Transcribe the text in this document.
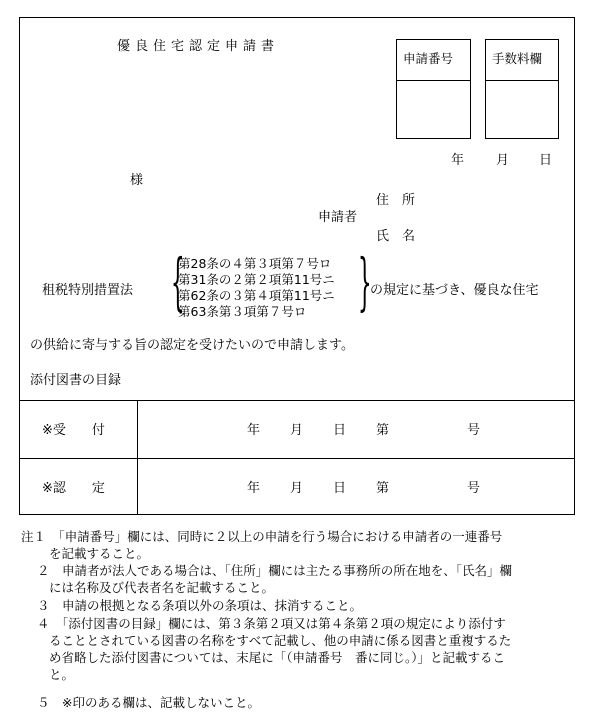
優良住宅認定申請書
申請番号	手数料欄
年 月 日
様
住　所
申請者
氏　名
租税特別措置法 {
第28条の４第３項第７号ロ
第31条の２第２項第11号ニ
第62条の３第４項第11号ニ
第63条第３項第７号ロ }
の規定に基づき、優良な住宅
の供給に寄与する旨の認定を受けたいので申請します。
添付図書の目録
※受　　付	年 月 日 第	号
※認　　定	年 月 日 第	号
注１　「申請番号」欄には、同時に２以上の申請を行う場合における申請者の一連番号
を記載すること。
２　申請者が法人である場合は、「住所」欄には主たる事務所の所在地を、「氏名」欄
には名称及び代表者名を記載すること。
３　申請の根拠となる条項以外の条項は、抹消すること。
４　「添付図書の目録」欄には、第３条第２項又は第４条第２項の規定により添付す
ることとされている図書の名称をすべて記載し、他の申請に係る図書と重複するた
め省略した添付図書については、末尾に「（申請番号　番に同じ。）」と記載するこ
と。
５　※印のある欄は、記載しないこと。
